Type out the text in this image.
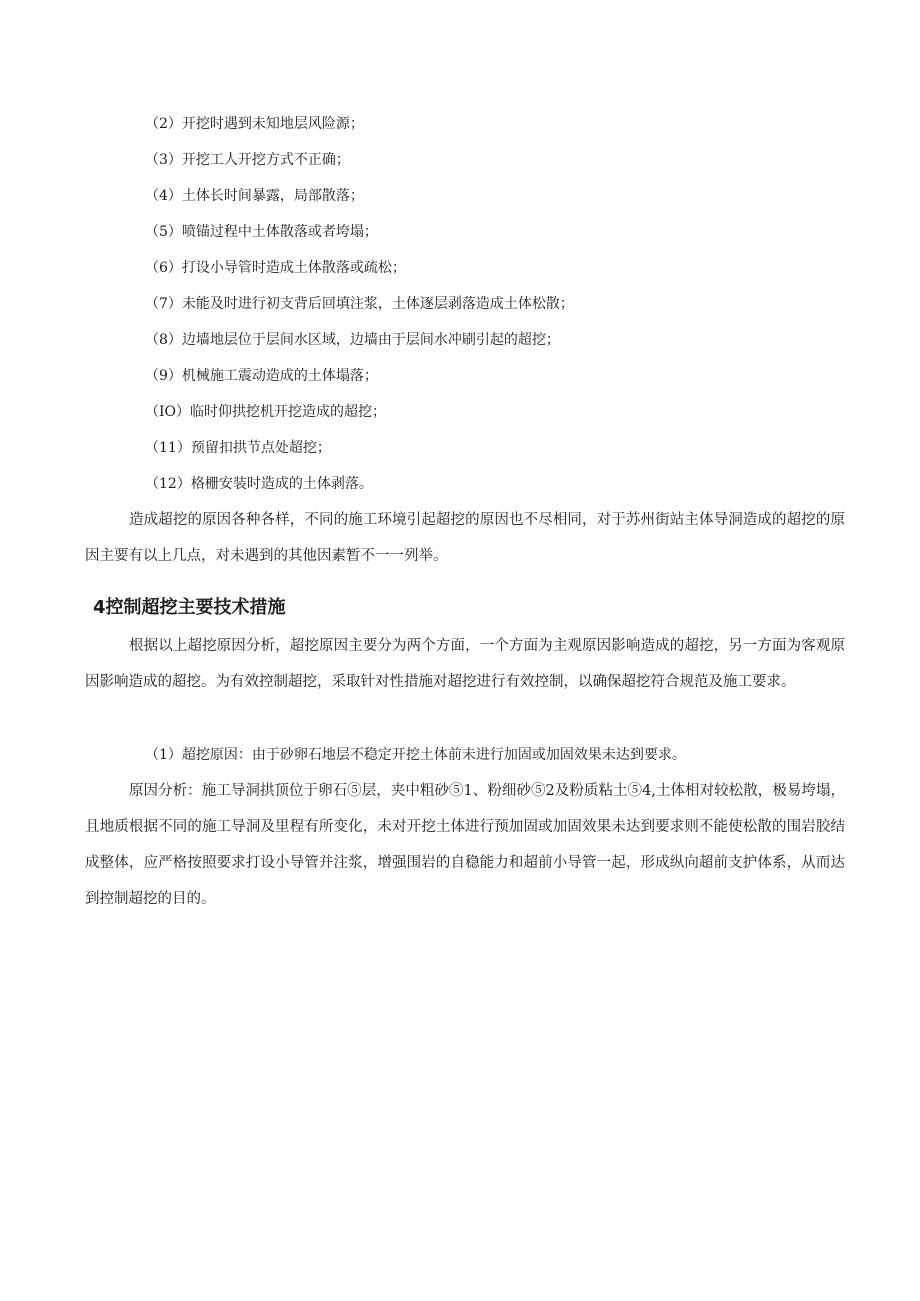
（2）开挖时遇到未知地层风险源；
（3）开挖工人开挖方式不正确；
（4）土体长时间暴露，局部散落；
（5）喷锚过程中土体散落或者垮塌；
（6）打设小导管时造成土体散落或疏松；
（7）未能及时进行初支背后回填注浆，土体逐层剥落造成土体松散；
（8）边墙地层位于层间水区域，边墙由于层间水冲刷引起的超挖；
（9）机械施工震动造成的土体塌落；
（IO）临时仰拱挖机开挖造成的超挖；
（11）预留扣拱节点处超挖；
（12）格栅安装时造成的土体剥落。
造成超挖的原因各种各样，不同的施工环境引起超挖的原因也不尽相同，对于苏州街站主体导洞造成的超挖的原因主要有以上几点，对未遇到的其他因素暂不一一列举。
4控制超挖主要技术措施
根据以上超挖原因分析，超挖原因主要分为两个方面，一个方面为主观原因影响造成的超挖，另一方面为客观原因影响造成的超挖。为有效控制超挖，采取针对性措施对超挖进行有效控制，以确保超挖符合规范及施工要求。
（1）超挖原因：由于砂卵石地层不稳定开挖土体前未进行加固或加固效果未达到要求。
原因分析：施工导洞拱顶位于卵石⑤层，夹中粗砂⑤1、粉细砂⑤2及粉质粘土⑤4,土体相对较松散，极易垮塌，且地质根据不同的施工导洞及里程有所变化，未对开挖土体进行预加固或加固效果未达到要求则不能使松散的围岩胶结成整体，应严格按照要求打设小导管并注浆，增强围岩的自稳能力和超前小导管一起，形成纵向超前支护体系，从而达到控制超挖的目的。
